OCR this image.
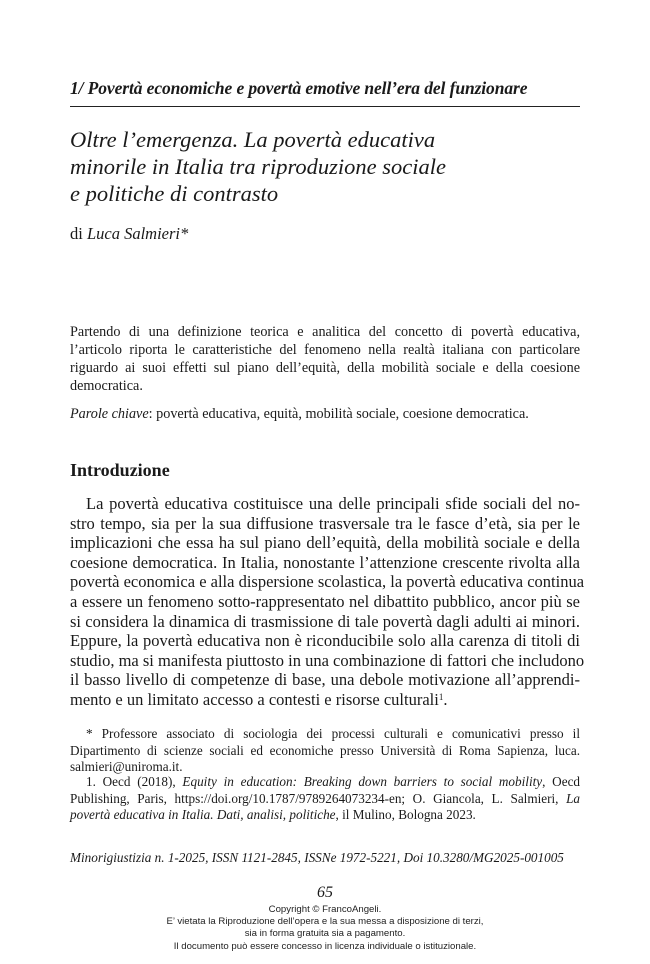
1/ Povertà economiche e povertà emotive nell’era del funzionare
Oltre l’emergenza. La povertà educativa
minorile in Italia tra riproduzione sociale
e politiche di contrasto
di Luca Salmieri*
Partendo di una definizione teorica e analitica del concetto di povertà educativa, l’articolo riporta le caratteristiche del fenomeno nella realtà italiana con particolare riguardo ai suoi effetti sul piano dell’equità, della mobilità sociale e della coesione democratica.
Parole chiave: povertà educativa, equità, mobilità sociale, coesione democratica.
Introduzione
La povertà educativa costituisce una delle principali sfide sociali del no-
stro tempo, sia per la sua diffusione trasversale tra le fasce d’età, sia per le
implicazioni che essa ha sul piano dell’equità, della mobilità sociale e della
coesione democratica. In Italia, nonostante l’attenzione crescente rivolta alla
povertà economica e alla dispersione scolastica, la povertà educativa continua
a essere un fenomeno sotto-rappresentato nel dibattito pubblico, ancor più se
si considera la dinamica di trasmissione di tale povertà dagli adulti ai minori.
Eppure, la povertà educativa non è riconducibile solo alla carenza di titoli di
studio, ma si manifesta piuttosto in una combinazione di fattori che includono
il basso livello di competenze di base, una debole motivazione all’apprendi-
mento e un limitato accesso a contesti e risorse culturali$^1$.
* Professore associato di sociologia dei processi culturali e comunicativi presso il
Dipartimento di scienze sociali ed economiche presso Università di Roma Sapienza, luca.
salmieri@uniroma.it.
1. Oecd (2018), Equity in education: Breaking down barriers to social mobility, Oecd
Publishing, Paris, https://doi.org/10.1787/9789264073234-en; O. Giancola, L. Salmieri, La
povertà educativa in Italia. Dati, analisi, politiche, il Mulino, Bologna 2023.
Minorigiustizia n. 1-2025, ISSN 1121-2845, ISSNe 1972-5221, Doi 10.3280/MG2025-001005
65
Copyright © FrancoAngeli.
E’ vietata la Riproduzione dell’opera e la sua messa a disposizione di terzi,
sia in forma gratuita sia a pagamento.
Il documento può essere concesso in licenza individuale o istituzionale.
